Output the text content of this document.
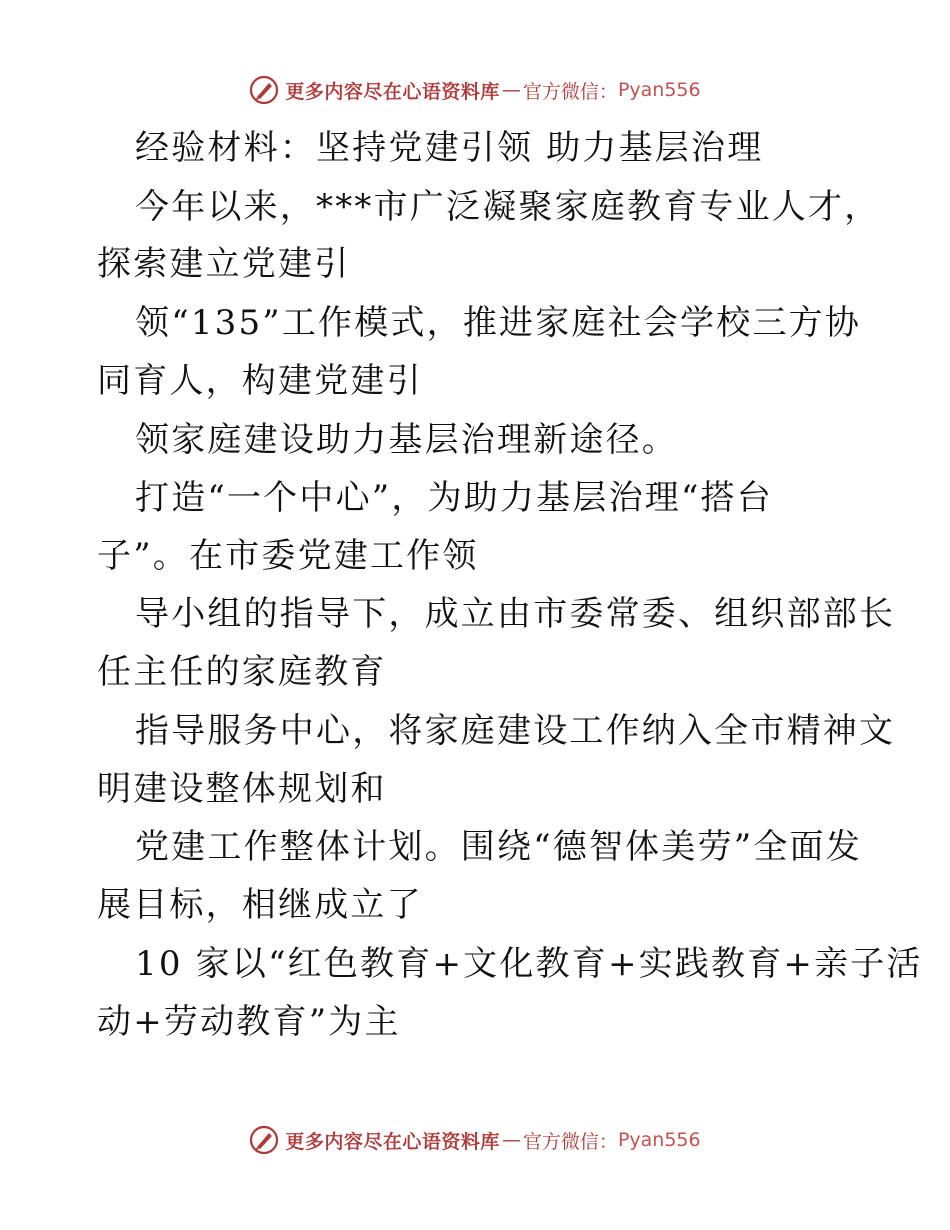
更多内容尽在心语资料库 — 官方微信： Pyan556
经验材料：坚持党建引领 助力基层治理
今年以来，***市广泛凝聚家庭教育专业人才，
探索建立党建引
领“135”工作模式，推进家庭社会学校三方协
同育人，构建党建引
领家庭建设助力基层治理新途径。
打造“一个中心”，为助力基层治理“搭台
子”。在市委党建工作领
导小组的指导下，成立由市委常委、组织部部长
任主任的家庭教育
指导服务中心，将家庭建设工作纳入全市精神文
明建设整体规划和
党建工作整体计划。围绕“德智体美劳”全面发
展目标，相继成立了
10 家以“红色教育+文化教育+实践教育+亲子活
动+劳动教育”为主
更多内容尽在心语资料库 — 官方微信： Pyan556
